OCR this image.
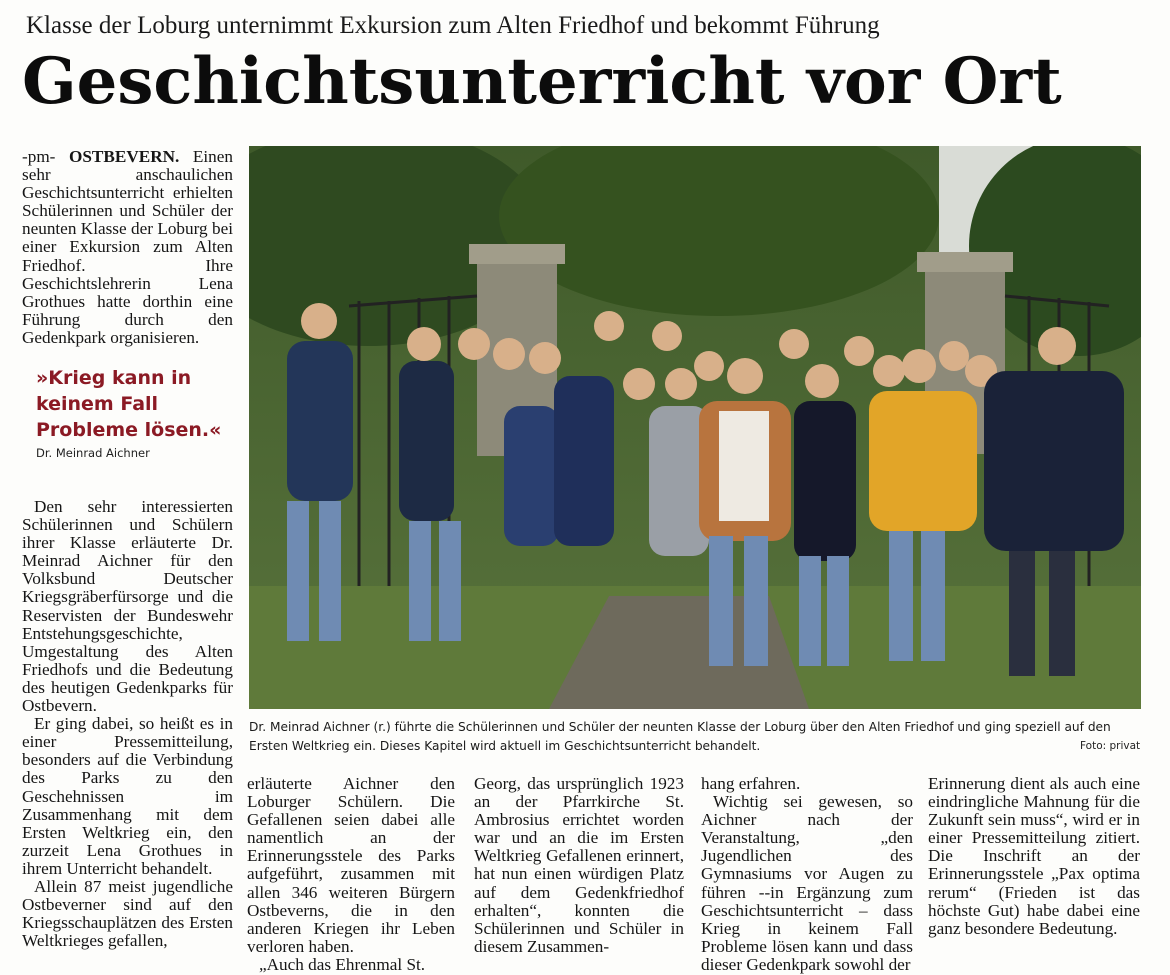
Klasse der Loburg unternimmt Exkursion zum Alten Friedhof und bekommt Führung
Geschichtsunterricht vor Ort

-pm- OSTBEVERN. Einen sehr anschaulichen Geschichtsunterricht erhielten Schülerinnen und Schüler der neunten Klasse der Loburg bei einer Exkursion zum Alten Friedhof. Ihre Geschichtslehrerin Lena Grothues hatte dorthin eine Führung durch den Gedenkpark organisieren.

»Krieg kann in keinem Fall Probleme lösen.«
Dr. Meinrad Aichner

Den sehr interessierten Schülerinnen und Schülern ihrer Klasse erläuterte Dr. Meinrad Aichner für den Volksbund Deutscher Kriegsgräberfürsorge und die Reservisten der Bundeswehr Entstehungsgeschichte, Umgestaltung des Alten Friedhofs und die Bedeutung des heutigen Gedenkparks für Ostbevern.

Er ging dabei, so heißt es in einer Pressemitteilung, besonders auf die Verbindung des Parks zu den Geschehnissen im Zusammenhang mit dem Ersten Weltkrieg ein, den zurzeit Lena Grothues in ihrem Unterricht behandelt.

Allein 87 meist jugendliche Ostbeverner sind auf den Kriegsschauplätzen des Ersten Weltkrieges gefallen,

Dr. Meinrad Aichner (r.) führte die Schülerinnen und Schüler der neunten Klasse der Loburg über den Alten Friedhof und ging speziell auf den Ersten Weltkrieg ein. Dieses Kapitel wird aktuell im Geschichtsunterricht behandelt.	Foto: privat

erläuterte Aichner den Loburger Schülern. Die Gefallenen seien dabei alle namentlich an der Erinnerungsstele des Parks aufgeführt, zusammen mit allen 346 weiteren Bürgern Ostbeverns, die in den anderen Kriegen ihr Leben verloren haben.

„Auch das Ehrenmal St.

Georg, das ursprünglich 1923 an der Pfarrkirche St. Ambrosius errichtet worden war und an die im Ersten Weltkrieg Gefallenen erinnert, hat nun einen würdigen Platz auf dem Gedenkfriedhof erhalten“, konnten die Schülerinnen und Schüler in diesem Zusammen-

hang erfahren.

Wichtig sei gewesen, so Aichner nach der Veranstaltung, „den Jugendlichen des Gymnasiums vor Augen zu führen --in Ergänzung zum Geschichtsunterricht – dass Krieg in keinem Fall Probleme lösen kann und dass dieser Gedenkpark sowohl der

Erinnerung dient als auch eine eindringliche Mahnung für die Zukunft sein muss“, wird er in einer Pressemitteilung zitiert. Die Inschrift an der Erinnerungsstele „Pax optima rerum“ (Frieden ist das höchste Gut) habe dabei eine ganz besondere Bedeutung.
